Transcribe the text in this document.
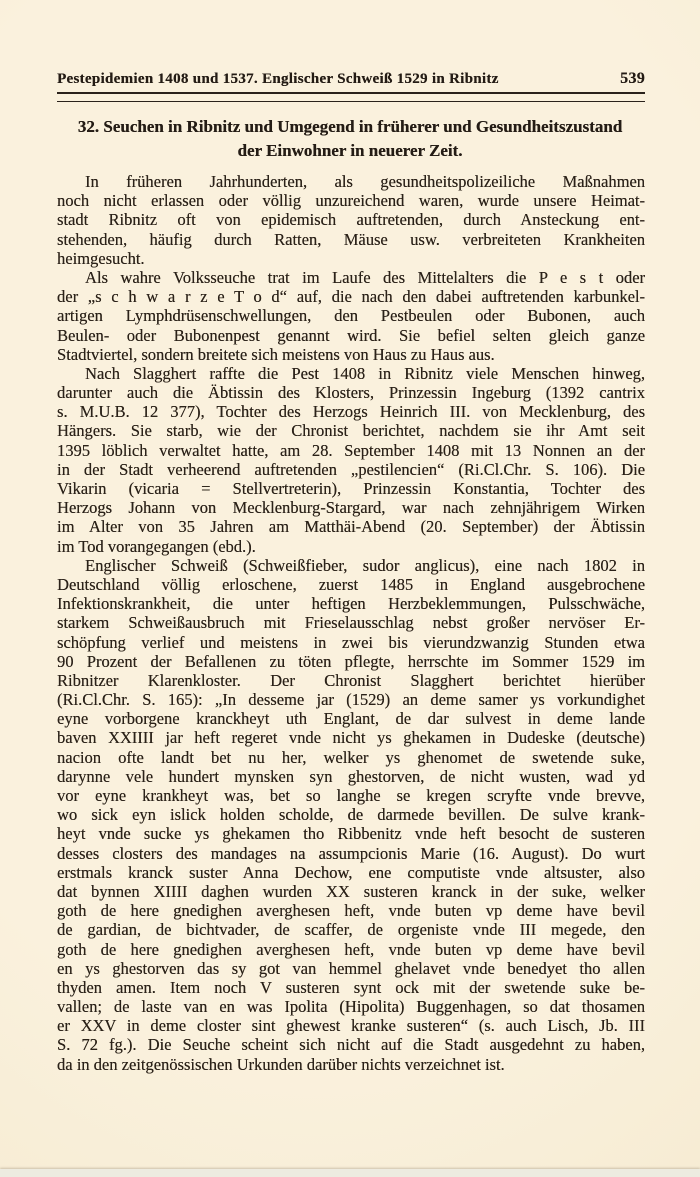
Pestepidemien 1408 und 1537. Englischer Schweiß 1529 in Ribnitz	539
32. Seuchen in Ribnitz und Umgegend in früherer und Gesundheitszustand
der Einwohner in neuerer Zeit.
In früheren Jahrhunderten, als gesundheitspolizeiliche Maßnahmen
noch nicht erlassen oder völlig unzureichend waren, wurde unsere Heimat-
stadt Ribnitz oft von epidemisch auftretenden, durch Ansteckung ent-
stehenden, häufig durch Ratten, Mäuse usw. verbreiteten Krankheiten
heimgesucht.
Als wahre Volksseuche trat im Laufe des Mittelalters die P e s t oder
der „s c h w a r z e T o d“ auf, die nach den dabei auftretenden karbunkel-
artigen Lymphdrüsenschwellungen, den Pestbeulen oder Bubonen, auch
Beulen- oder Bubonenpest genannt wird. Sie befiel selten gleich ganze
Stadtviertel, sondern breitete sich meistens von Haus zu Haus aus.
Nach Slagghert raffte die Pest 1408 in Ribnitz viele Menschen hinweg,
darunter auch die Äbtissin des Klosters, Prinzessin Ingeburg (1392 cantrix
s. M.U.B. 12 377), Tochter des Herzogs Heinrich III. von Mecklenburg, des
Hängers. Sie starb, wie der Chronist berichtet, nachdem sie ihr Amt seit
1395 löblich verwaltet hatte, am 28. September 1408 mit 13 Nonnen an der
in der Stadt verheerend auftretenden „pestilencien“ (Ri.Cl.Chr. S. 106). Die
Vikarin (vicaria = Stellvertreterin), Prinzessin Konstantia, Tochter des
Herzogs Johann von Mecklenburg-Stargard, war nach zehnjährigem Wirken
im Alter von 35 Jahren am Matthäi-Abend (20. September) der Äbtissin
im Tod vorangegangen (ebd.).
Englischer Schweiß (Schweißfieber, sudor anglicus), eine nach 1802 in
Deutschland völlig erloschene, zuerst 1485 in England ausgebrochene
Infektionskrankheit, die unter heftigen Herzbeklemmungen, Pulsschwäche,
starkem Schweißausbruch mit Frieselausschlag nebst großer nervöser Er-
schöpfung verlief und meistens in zwei bis vierundzwanzig Stunden etwa
90 Prozent der Befallenen zu töten pflegte, herrschte im Sommer 1529 im
Ribnitzer Klarenkloster. Der Chronist Slagghert berichtet hierüber
(Ri.Cl.Chr. S. 165): „In desseme jar (1529) an deme samer ys vorkundighet
eyne vorborgene kranckheyt uth Englant, de dar sulvest in deme lande
baven XXIIII jar heft regeret vnde nicht ys ghekamen in Dudeske (deutsche)
nacion ofte landt bet nu her, welker ys ghenomet de swetende suke,
darynne vele hundert mynsken syn ghestorven, de nicht wusten, wad yd
vor eyne krankheyt was, bet so langhe se kregen scryfte vnde brevve,
wo sick eyn islick holden scholde, de darmede bevillen. De sulve krank-
heyt vnde sucke ys ghekamen tho Ribbenitz vnde heft besocht de susteren
desses closters des mandages na assumpcionis Marie (16. August). Do wurt
erstmals kranck suster Anna Dechow, ene computiste vnde altsuster, also
dat bynnen XIIII daghen wurden XX susteren kranck in der suke, welker
goth de here gnedighen averghesen heft, vnde buten vp deme have bevil
de gardian, de bichtvader, de scaffer, de orgeniste vnde III megede, den
goth de here gnedighen averghesen heft, vnde buten vp deme have bevil
en ys ghestorven das sy got van hemmel ghelavet vnde benedyet tho allen
thyden amen. Item noch V susteren synt ock mit der swetende suke be-
vallen; de laste van en was Ipolita (Hipolita) Buggenhagen, so dat thosamen
er XXV in deme closter sint ghewest kranke susteren“ (s. auch Lisch, Jb. III
S. 72 fg.). Die Seuche scheint sich nicht auf die Stadt ausgedehnt zu haben,
da in den zeitgenössischen Urkunden darüber nichts verzeichnet ist.
